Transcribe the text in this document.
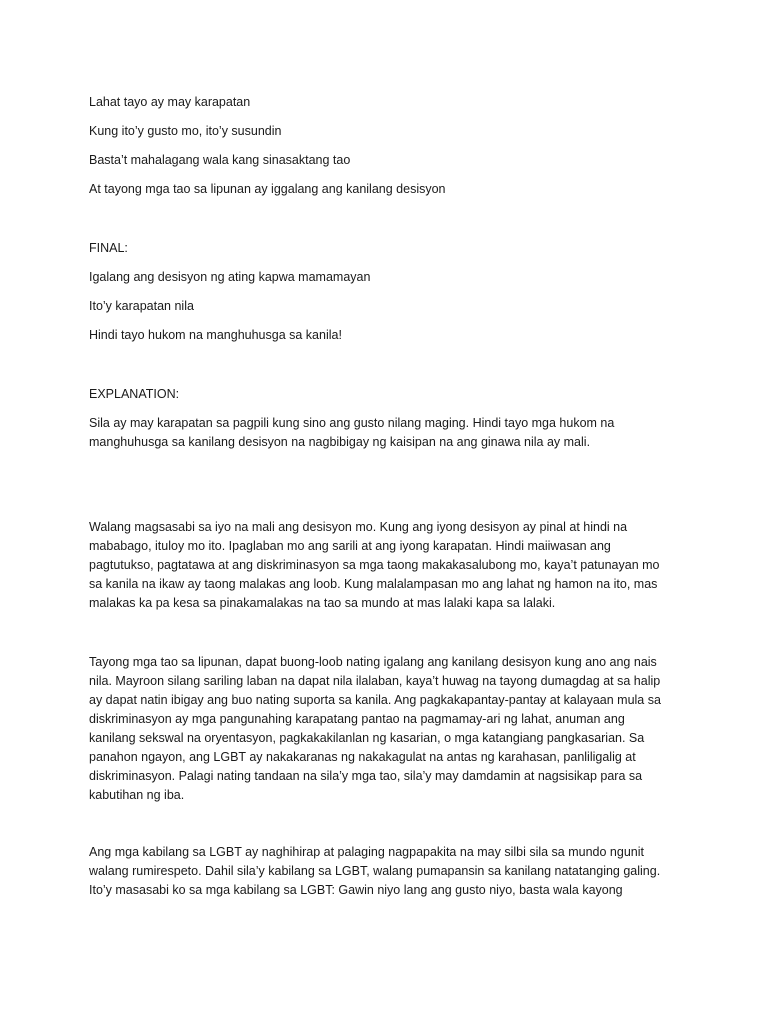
Lahat tayo ay may karapatan

Kung ito’y gusto mo, ito’y susundin

Basta’t mahalagang wala kang sinasaktang tao

At tayong mga tao sa lipunan ay iggalang ang kanilang desisyon

FINAL:

Igalang ang desisyon ng ating kapwa mamamayan

Ito’y karapatan nila

Hindi tayo hukom na manghuhusga sa kanila!

EXPLANATION:

Sila ay may karapatan sa pagpili kung sino ang gusto nilang maging. Hindi tayo mga hukom na
manghuhusga sa kanilang desisyon na nagbibigay ng kaisipan na ang ginawa nila ay mali.
Walang magsasabi sa iyo na mali ang desisyon mo. Kung ang iyong desisyon ay pinal at hindi na
mababago, ituloy mo ito. Ipaglaban mo ang sarili at ang iyong karapatan. Hindi maiiwasan ang
pagtutukso, pagtatawa at ang diskriminasyon sa mga taong makakasalubong mo, kaya’t patunayan mo
sa kanila na ikaw ay taong malakas ang loob. Kung malalampasan mo ang lahat ng hamon na ito, mas
malakas ka pa kesa sa pinakamalakas na tao sa mundo at mas lalaki kapa sa lalaki.
Tayong mga tao sa lipunan, dapat buong-loob nating igalang ang kanilang desisyon kung ano ang nais
nila. Mayroon silang sariling laban na dapat nila ilalaban, kaya’t huwag na tayong dumagdag at sa halip
ay dapat natin ibigay ang buo nating suporta sa kanila. Ang pagkakapantay-pantay at kalayaan mula sa
diskriminasyon ay mga pangunahing karapatang pantao na pagmamay-ari ng lahat, anuman ang
kanilang sekswal na oryentasyon, pagkakakilanlan ng kasarian, o mga katangiang pangkasarian. Sa
panahon ngayon, ang LGBT ay nakakaranas ng nakakagulat na antas ng karahasan, panliligalig at
diskriminasyon. Palagi nating tandaan na sila’y mga tao, sila’y may damdamin at nagsisikap para sa
kabutihan ng iba.
Ang mga kabilang sa LGBT ay naghihirap at palaging nagpapakita na may silbi sila sa mundo ngunit
walang rumirespeto. Dahil sila’y kabilang sa LGBT, walang pumapansin sa kanilang natatanging galing.
Ito’y masasabi ko sa mga kabilang sa LGBT: Gawin niyo lang ang gusto niyo, basta wala kayong
